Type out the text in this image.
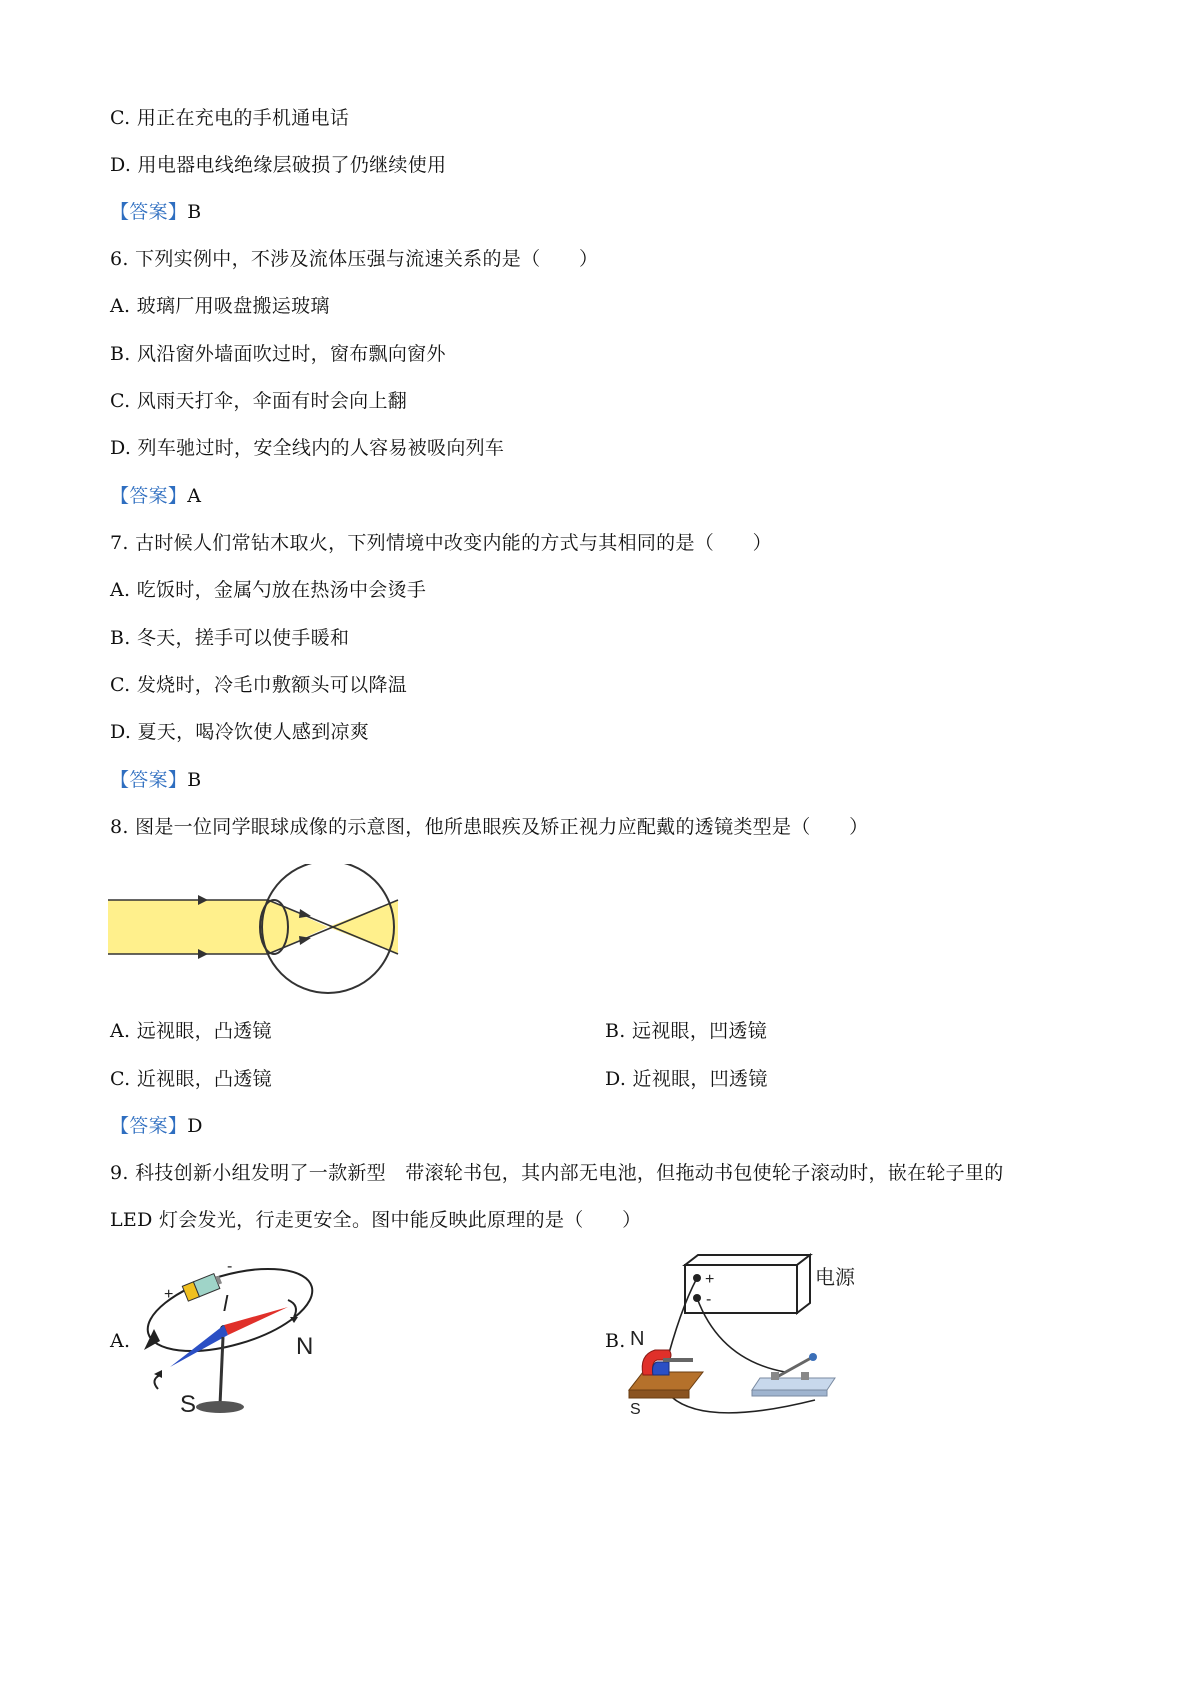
C. 用正在充电的手机通电话
D. 用电器电线绝缘层破损了仍继续使用
【答案】B
6. 下列实例中，不涉及流体压强与流速关系的是（　　）
A. 玻璃厂用吸盘搬运玻璃
B. 风沿窗外墙面吹过时，窗布飘向窗外
C. 风雨天打伞，伞面有时会向上翻
D. 列车驰过时，安全线内的人容易被吸向列车
【答案】A
7. 古时候人们常钻木取火，下列情境中改变内能的方式与其相同的是（　　）
A. 吃饭时，金属勺放在热汤中会烫手
B. 冬天，搓手可以使手暖和
C. 发烧时，冷毛巾敷额头可以降温
D. 夏天，喝冷饮使人感到凉爽
【答案】B
8. 图是一位同学眼球成像的示意图，他所患眼疾及矫正视力应配戴的透镜类型是（　　）
A. 远视眼，凸透镜	B. 远视眼，凹透镜
C. 近视眼，凸透镜	D. 近视眼，凹透镜
【答案】D
9. 科技创新小组发明了一款新型　带滚轮书包，其内部无电池，但拖动书包使轮子滚动时，嵌在轮子里的
LED 灯会发光，行走更安全。图中能反映此原理的是（　　）
A.	B.
-
+ l
N
S
+
-
电源
N
S
